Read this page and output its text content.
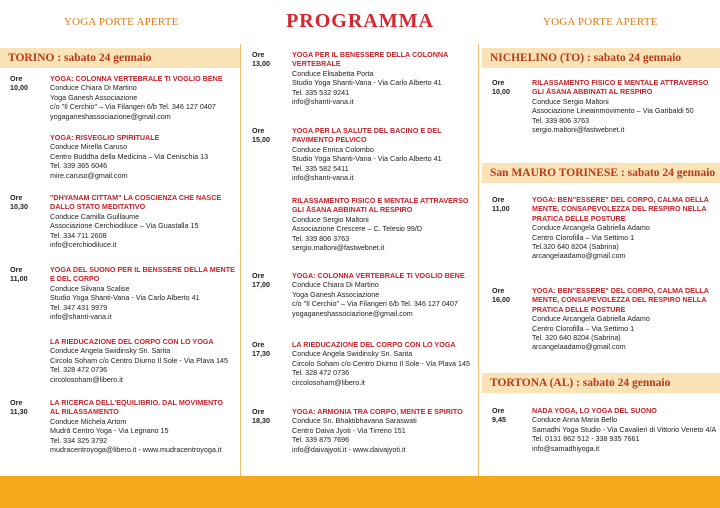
YOGA PORTE APERTE	PROGRAMMA	YOGA PORTE APERTE
TORINO : sabato 24 gennaio
Ore 10,00
YOGA: COLONNA VERTEBRALE TI VOGLIO BENE
Conduce Chiara Di Martino
Yoga Ganesh Associazione
c/o "Il Cerchio" – Via Filangeri 6/b Tel. 346 127 0407
yogaganeshassociazione@gmail.com
YOGA: RISVEGLIO SPIRITUALE
Conduce Mirella Caruso
Centro Buddha della Medicina – Via Cenischia 13
Tel. 339 365 6046
mire.caruso@gmail.com
Ore 10,30
"DHYANAM CITTAM" LA COSCIENZA CHE NASCE
DALLO STATO MEDITATIVO
Conduce Camilla Guillaume
Associazione Cerchiodiluce – Via Guastalla 15
Tel. 334 711 2608
info@cerchiodiluce.it
Ore 11,00
YOGA DEL SUONO PER IL BENSSERE DELLA MENTE
E DEL CORPO
Conduce Silvana Scalise
Studio Yoga Shanti-Vana - Via Carlo Alberto 41
Tel. 347 431 9979
info@shanti-vana.it
LA RIEDUCAZIONE DEL CORPO CON LO YOGA
Conduce Angela Swidinsky Sn. Sarita
Circolo Soham c/o Centro Diurno Il Sole - Via Plava 145
Tel. 328 472 0736
circolosoham@libero.it
Ore 11,30
LA RICERCA DELL'EQUILIBRIO. DAL MOVIMENTO
AL RILASSAMENTO
Conduce Michela Artom
Mudrā Centro Yoga - Via Legnano 15
Tel. 334 325 3792
mudracentroyoga@libero.it - www.mudracentroyoga.it
Ore 13,00
YOGA PER IL BENESSERE DELLA COLONNA
VERTEBRALE
Conduce Elisabetta Porta
Studio Yoga Shanti-Vana - Via Carlo Alberto 41
Tel. 335 532 9241
info@shanti-vana.it
Ore 15,00
YOGA PER LA SALUTE DEL BACINO E DEL
PAVIMENTO PELVICO
Conduce Enrica Colombo
Studio Yoga Shanti-Vana - Via Carlo Alberto 41
Tel. 335 582 5411
info@shanti-vana.it
RILASSAMENTO FISICO E MENTALE ATTRAVERSO
GLI ĀSANA ABBINATI AL RESPIRO
Conduce Sergio Maltoni
Associazione Crescere – C. Telesio 99/D
Tel. 339 806 3763
sergio.maltoni@fastwebnet.it
Ore 17,00
YOGA: COLONNA VERTEBRALE TI VOGLIO BENE
Conduce Chiara Di Martino
Yoga Ganesh Associazione
c/o "Il Cerchio" – Via Filangeri 6/b Tel. 346 127 0407
yogaganeshassociazione@gmail.com
Ore 17,30
LA RIEDUCAZIONE DEL CORPO CON LO YOGA
Conduce Angela Swidinsky Sn. Sarita
Circolo Soham c/o Centro Diurno Il Sole - Via Plava 145
Tel. 328 472 0736
circolosoham@libero.it
Ore 18,30
YOGA: ARMONIA TRA CORPO, MENTE E SPIRITO
Conduce Sn. Bhaktibhavana Saraswati
Centro Daiva Jyoti - Via Tirreno 151
Tel. 339 875 7696
info@daivajyoti.it - www.daivajyoti.it
NICHELINO (TO) : sabato 24 gennaio
San MAURO TORINESE : sabato 24 gennaio
TORTONA (AL) : sabato 24 gennaio
Ore 10,00
RILASSAMENTO FISICO E MENTALE ATTRAVERSO
GLI ĀSANA ABBINATI AL RESPIRO
Conduce Sergio Maltoni
Associazione Lineainmovimento – Via Garibaldi 50
Tel. 339 806 3763
sergio.maltoni@fastwebnet.it
Ore 11,00
YOGA: BEN"ESSERE" DEL CORPO, CALMA DELLA
MENTE, CONSAPEVOLEZZA DEL RESPIRO NELLA
PRATICA DELLE POSTURE
Conduce Arcangela Gabriella Adamo
Centro Clorofilla – Via Settimo 1
Tel.320 640 8204 (Sabrina)
arcangelaadamo@gmail.com
Ore 16,00
YOGA: BEN"ESSERE" DEL CORPO, CALMA DELLA
MENTE, CONSAPEVOLEZZA DEL RESPIRO NELLA
PRATICA DELLE POSTURE
Conduce Arcangela Gabriella Adamo
Centro Clorofilla – Via Settimo 1
Tel. 320 640 8204 (Sabrina)
arcangelaadamo@gmail.com
Ore 9,45
NADA YOGA, LO YOGA DEL SUONO
Conduce Anna Maria Bello
Samadhi Yoga Studio - Via Cavalieri di Vittorio Veneto 4/A
Tel. 0131 862 512 - 338 935 7661
info@samadhiyoga.it
